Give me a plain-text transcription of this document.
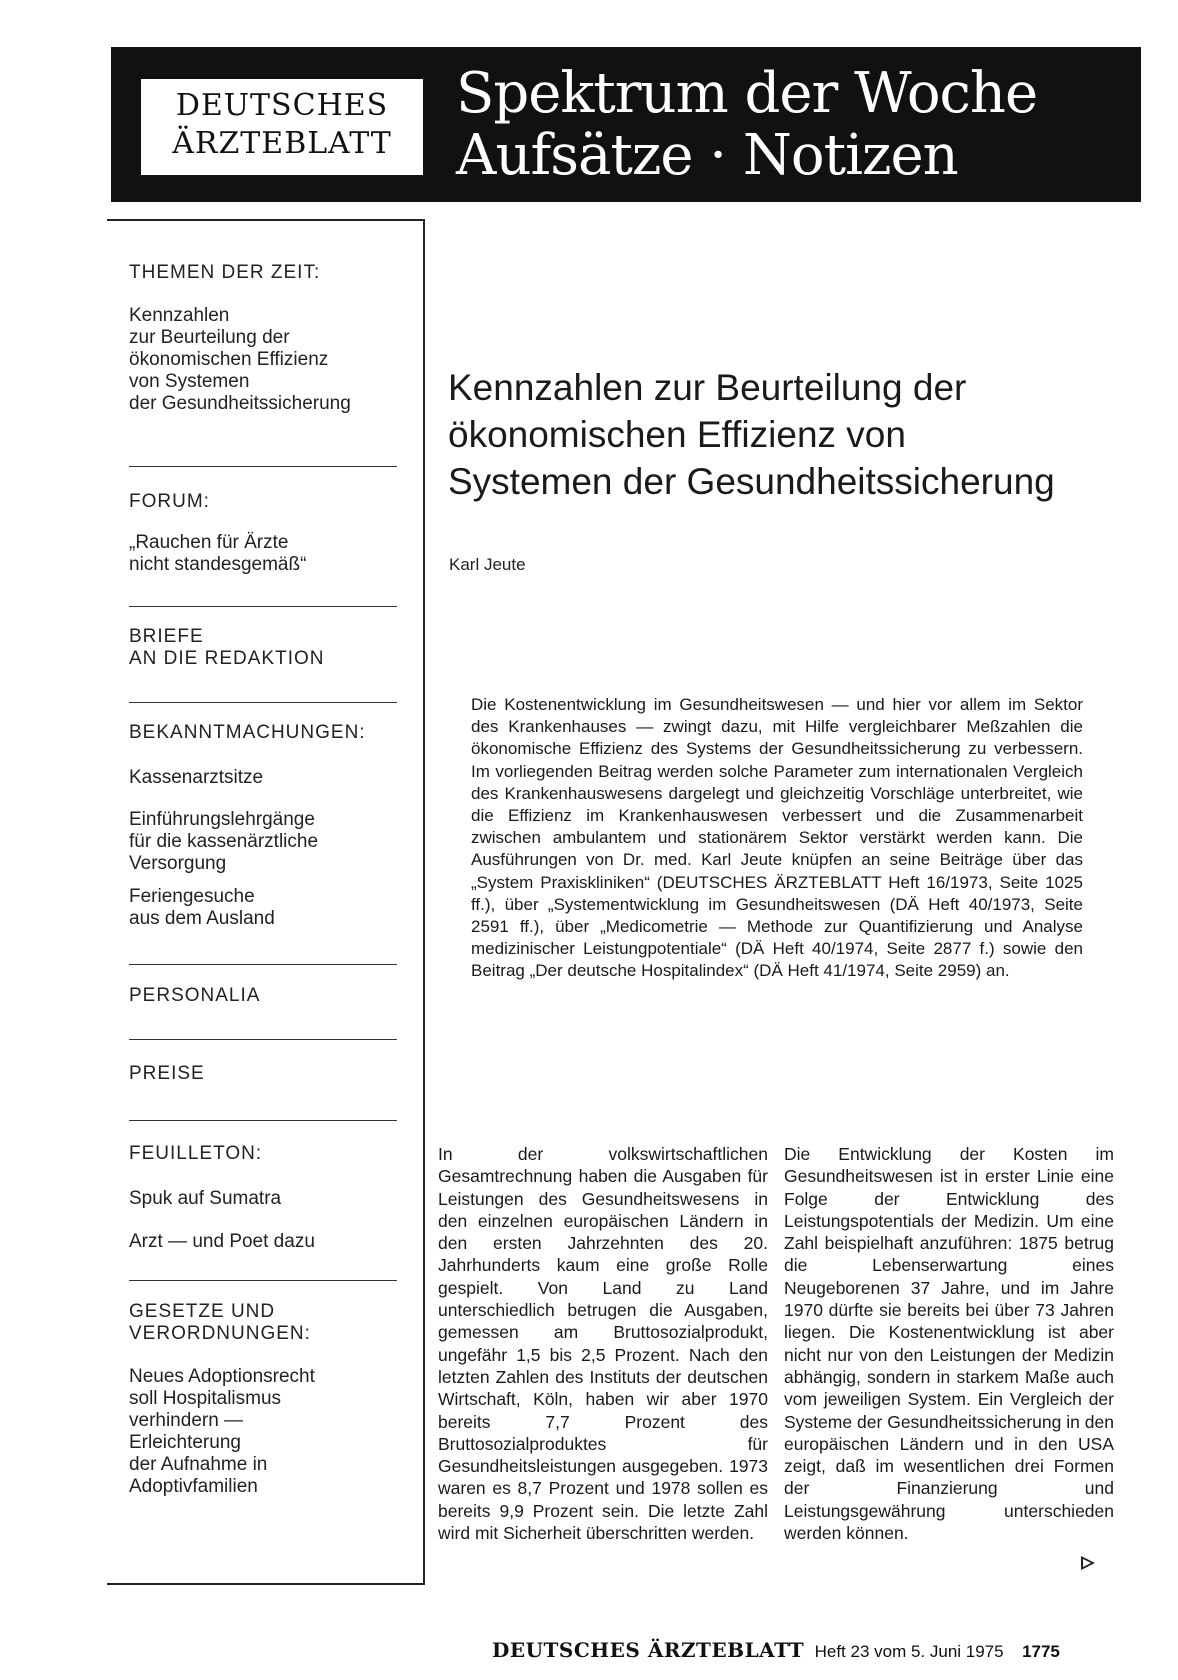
DEUTSCHES
ÄRZTEBLATT
Spektrum der Woche
Aufsätze · Notizen
THEMEN DER ZEIT:
Kennzahlen
zur Beurteilung der
ökonomischen Effizienz
von Systemen
der Gesundheitssicherung
FORUM:
„Rauchen für Ärzte
nicht standesgemäß“
BRIEFE
AN DIE REDAKTION
BEKANNTMACHUNGEN:
Kassenarztsitze
Einführungslehrgänge
für die kassenärztliche
Versorgung
Feriengesuche
aus dem Ausland
PERSONALIA
PREISE
FEUILLETON:
Spuk auf Sumatra
Arzt — und Poet dazu
GESETZE UND
VERORDNUNGEN:
Neues Adoptionsrecht
soll Hospitalismus
verhindern —
Erleichterung
der Aufnahme in
Adoptivfamilien
Kennzahlen zur Beurteilung der
ökonomischen Effizienz von
Systemen der Gesundheitssicherung
Karl Jeute
Die Kostenentwicklung im Gesundheitswesen — und hier vor allem im Sektor des Krankenhauses — zwingt dazu, mit Hilfe vergleichbarer Meßzahlen die ökonomische Effizienz des Systems der Gesundheitssicherung zu verbessern. Im vorliegenden Beitrag werden solche Parameter zum internationalen Vergleich des Krankenhauswesens dargelegt und gleichzeitig Vorschläge unterbreitet, wie die Effizienz im Krankenhauswesen verbessert und die Zusammenarbeit zwischen ambulantem und stationärem Sektor verstärkt werden kann. Die Ausführungen von Dr. med. Karl Jeute knüpfen an seine Beiträge über das „System Praxiskliniken“ (DEUTSCHES ÄRZTEBLATT Heft 16/1973, Seite 1025 ff.), über „Systementwicklung im Gesundheitswesen (DÄ Heft 40/1973, Seite 2591 ff.), über „Medicometrie — Methode zur Quantifizierung und Analyse medizinischer Leistungpotentiale“ (DÄ Heft 40/1974, Seite 2877 f.) sowie den Beitrag „Der deutsche Hospitalindex“ (DÄ Heft 41/1974, Seite 2959) an.
In der volkswirtschaftlichen Gesamtrechnung haben die Ausgaben für Leistungen des Gesundheitswesens in den einzelnen europäischen Ländern in den ersten Jahrzehnten des 20. Jahrhunderts kaum eine große Rolle gespielt. Von Land zu Land unterschiedlich betrugen die Ausgaben, gemessen am Bruttosozialprodukt, ungefähr 1,5 bis 2,5 Prozent. Nach den letzten Zahlen des Instituts der deutschen Wirtschaft, Köln, haben wir aber 1970 bereits 7,7 Prozent des Bruttosozialproduktes für Gesundheitsleistungen ausgegeben. 1973 waren es 8,7 Prozent und 1978 sollen es bereits 9,9 Prozent sein. Die letzte Zahl wird mit Sicherheit überschritten werden.
Die Entwicklung der Kosten im Gesundheitswesen ist in erster Linie eine Folge der Entwicklung des Leistungspotentials der Medizin. Um eine Zahl beispielhaft anzuführen: 1875 betrug die Lebenserwartung eines Neugeborenen 37 Jahre, und im Jahre 1970 dürfte sie bereits bei über 73 Jahren liegen. Die Kostenentwicklung ist aber nicht nur von den Leistungen der Medizin abhängig, sondern in starkem Maße auch vom jeweiligen System. Ein Vergleich der Systeme der Gesundheitssicherung in den europäischen Ländern und in den USA zeigt, daß im wesentlichen drei Formen der Finanzierung und Leistungsgewährung unterschieden werden können.
DEUTSCHES ÄRZTEBLATT Heft 23 vom 5. Juni 1975 1775
